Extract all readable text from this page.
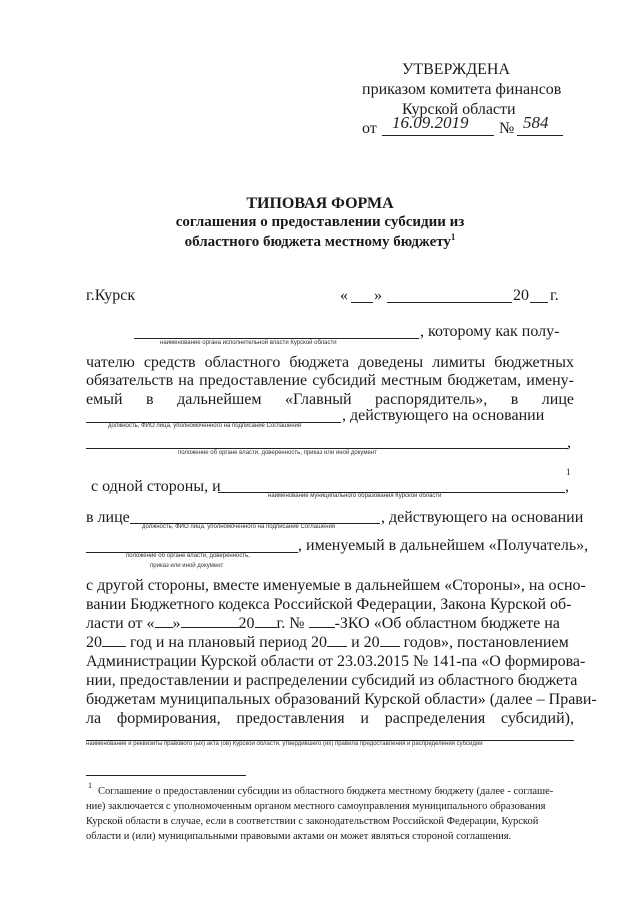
УТВЕРЖДЕНА
приказом комитета финансов
Курской области
от 16.09.2019 № 584
ТИПОВАЯ ФОРМА
соглашения о предоставлении субсидии из
областного бюджета местному бюджету$^1$
г.Курск	« »	20 г.
наименование органа исполнительной власти Курской области
, которому как полу-
чателю средств областного бюджета доведены лимиты бюджетных
обязательств на предоставление субсидий местным бюджетам, имену-
емый в дальнейшем «Главный распорядитель», в лице
должность, ФИО лица, уполномоченного на подписание Соглашения
, действующего на основании
положение об органе власти, доверенность, приказ или иной документ
,
1
с одной стороны, и
наименование муниципального образования Курской области
,
в лице
должность, ФИО лица, уполномоченного на подписание Соглашения
, действующего на основании
положение об органе власти, доверенность,
приказ или иной документ
, именуемый в дальнейшем «Получатель»,
с другой стороны, вместе именуемые в дальнейшем «Стороны», на осно-
вании Бюджетного кодекса Российской Федерации, Закона Курской об-
ласти от « »	20 г. № -ЗКО «Об областном бюджете на
20 год и на плановый период 20 и 20 годов», постановлением
Администрации Курской области от 23.03.2015 № 141-па «О формирова-
нии, предоставлении и распределении субсидий из областного бюджета
бюджетам муниципальных образований Курской области» (далее – Прави-
ла формирования, предоставления и распределения субсидий),
наименование и реквизиты правового (ых) акта (ов) Курской области, утвердившего (их) правила предоставления и распределения субсидии
1
Соглашение о предоставлении субсидии из областного бюджета местному бюджету (далее - соглаше-
ние) заключается с уполномоченным органом местного самоуправления муниципального образования
Курской области в случае, если в соответствии с законодательством Российской Федерации, Курской
области и (или) муниципальными правовыми актами он может являться стороной соглашения.
